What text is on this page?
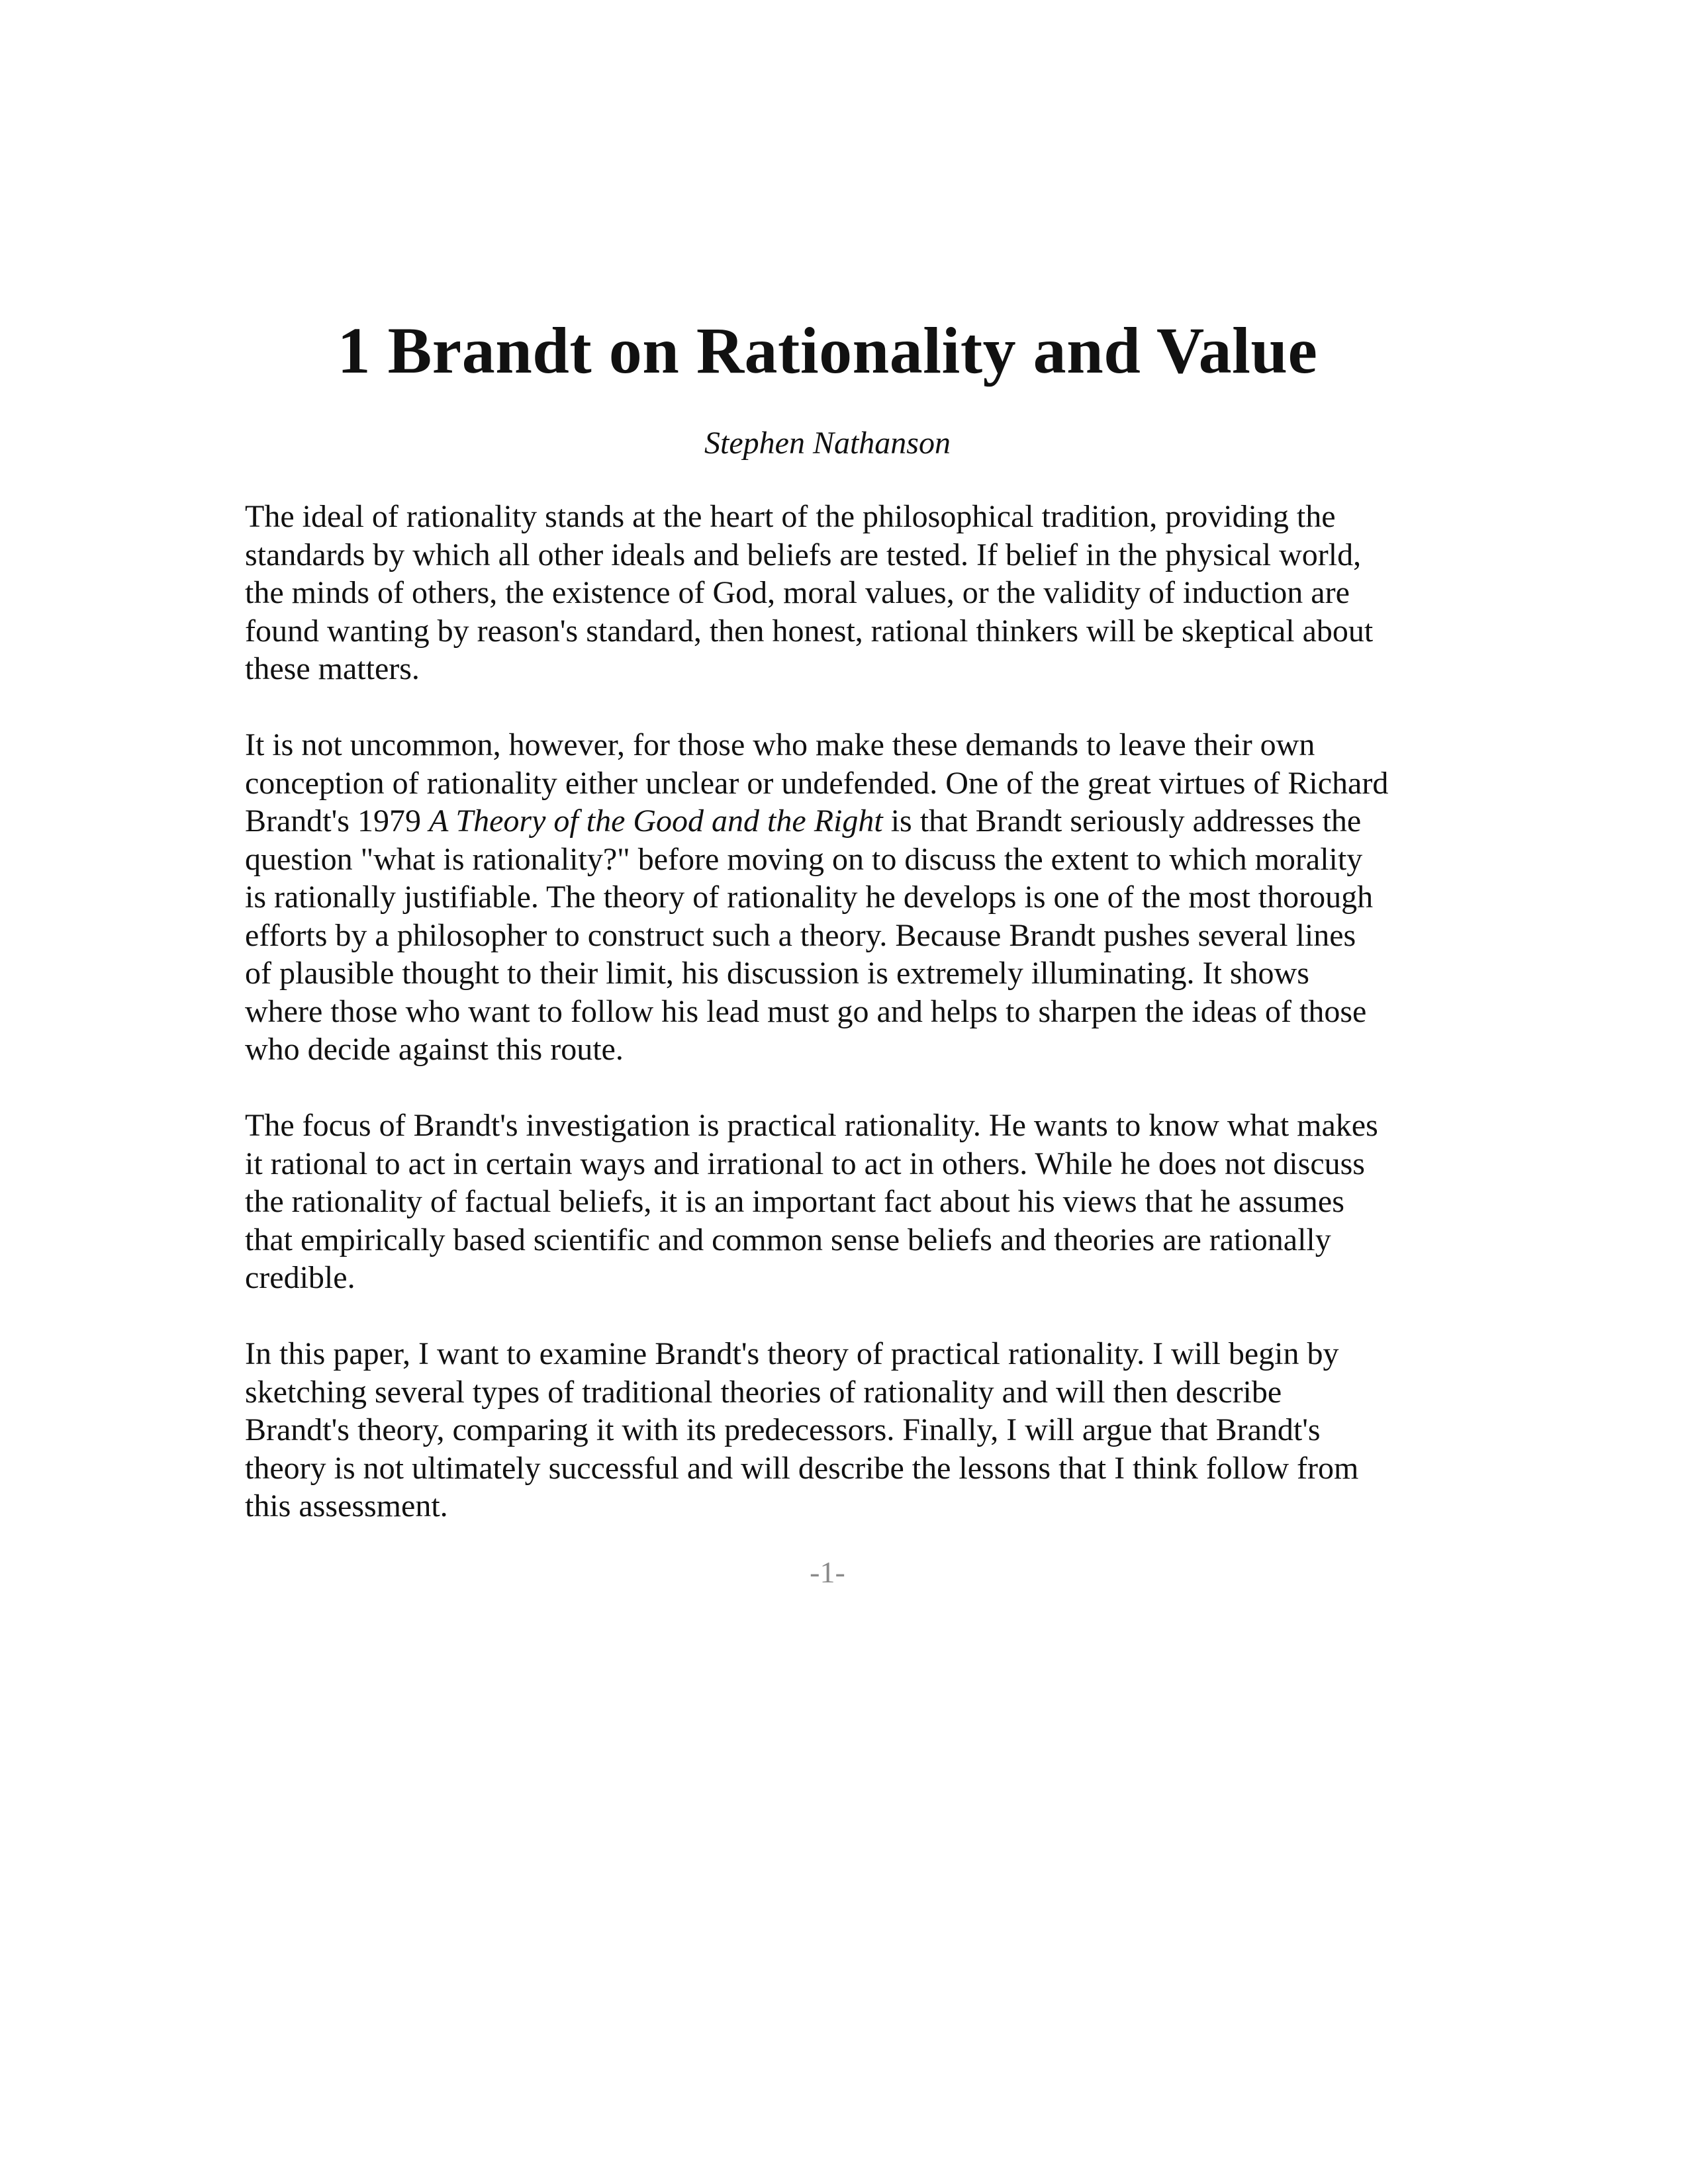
1 Brandt on Rationality and Value
Stephen Nathanson

The ideal of rationality stands at the heart of the philosophical tradition, providing the
standards by which all other ideals and beliefs are tested. If belief in the physical world,
the minds of others, the existence of God, moral values, or the validity of induction are
found wanting by reason's standard, then honest, rational thinkers will be skeptical about
these matters.

It is not uncommon, however, for those who make these demands to leave their own
conception of rationality either unclear or undefended. One of the great virtues of Richard
Brandt's 1979 A Theory of the Good and the Right is that Brandt seriously addresses the
question "what is rationality?" before moving on to discuss the extent to which morality
is rationally justifiable. The theory of rationality he develops is one of the most thorough
efforts by a philosopher to construct such a theory. Because Brandt pushes several lines
of plausible thought to their limit, his discussion is extremely illuminating. It shows
where those who want to follow his lead must go and helps to sharpen the ideas of those
who decide against this route.

The focus of Brandt's investigation is practical rationality. He wants to know what makes
it rational to act in certain ways and irrational to act in others. While he does not discuss
the rationality of factual beliefs, it is an important fact about his views that he assumes
that empirically based scientific and common sense beliefs and theories are rationally
credible.

In this paper, I want to examine Brandt's theory of practical rationality. I will begin by
sketching several types of traditional theories of rationality and will then describe
Brandt's theory, comparing it with its predecessors. Finally, I will argue that Brandt's
theory is not ultimately successful and will describe the lessons that I think follow from
this assessment.

-1-
